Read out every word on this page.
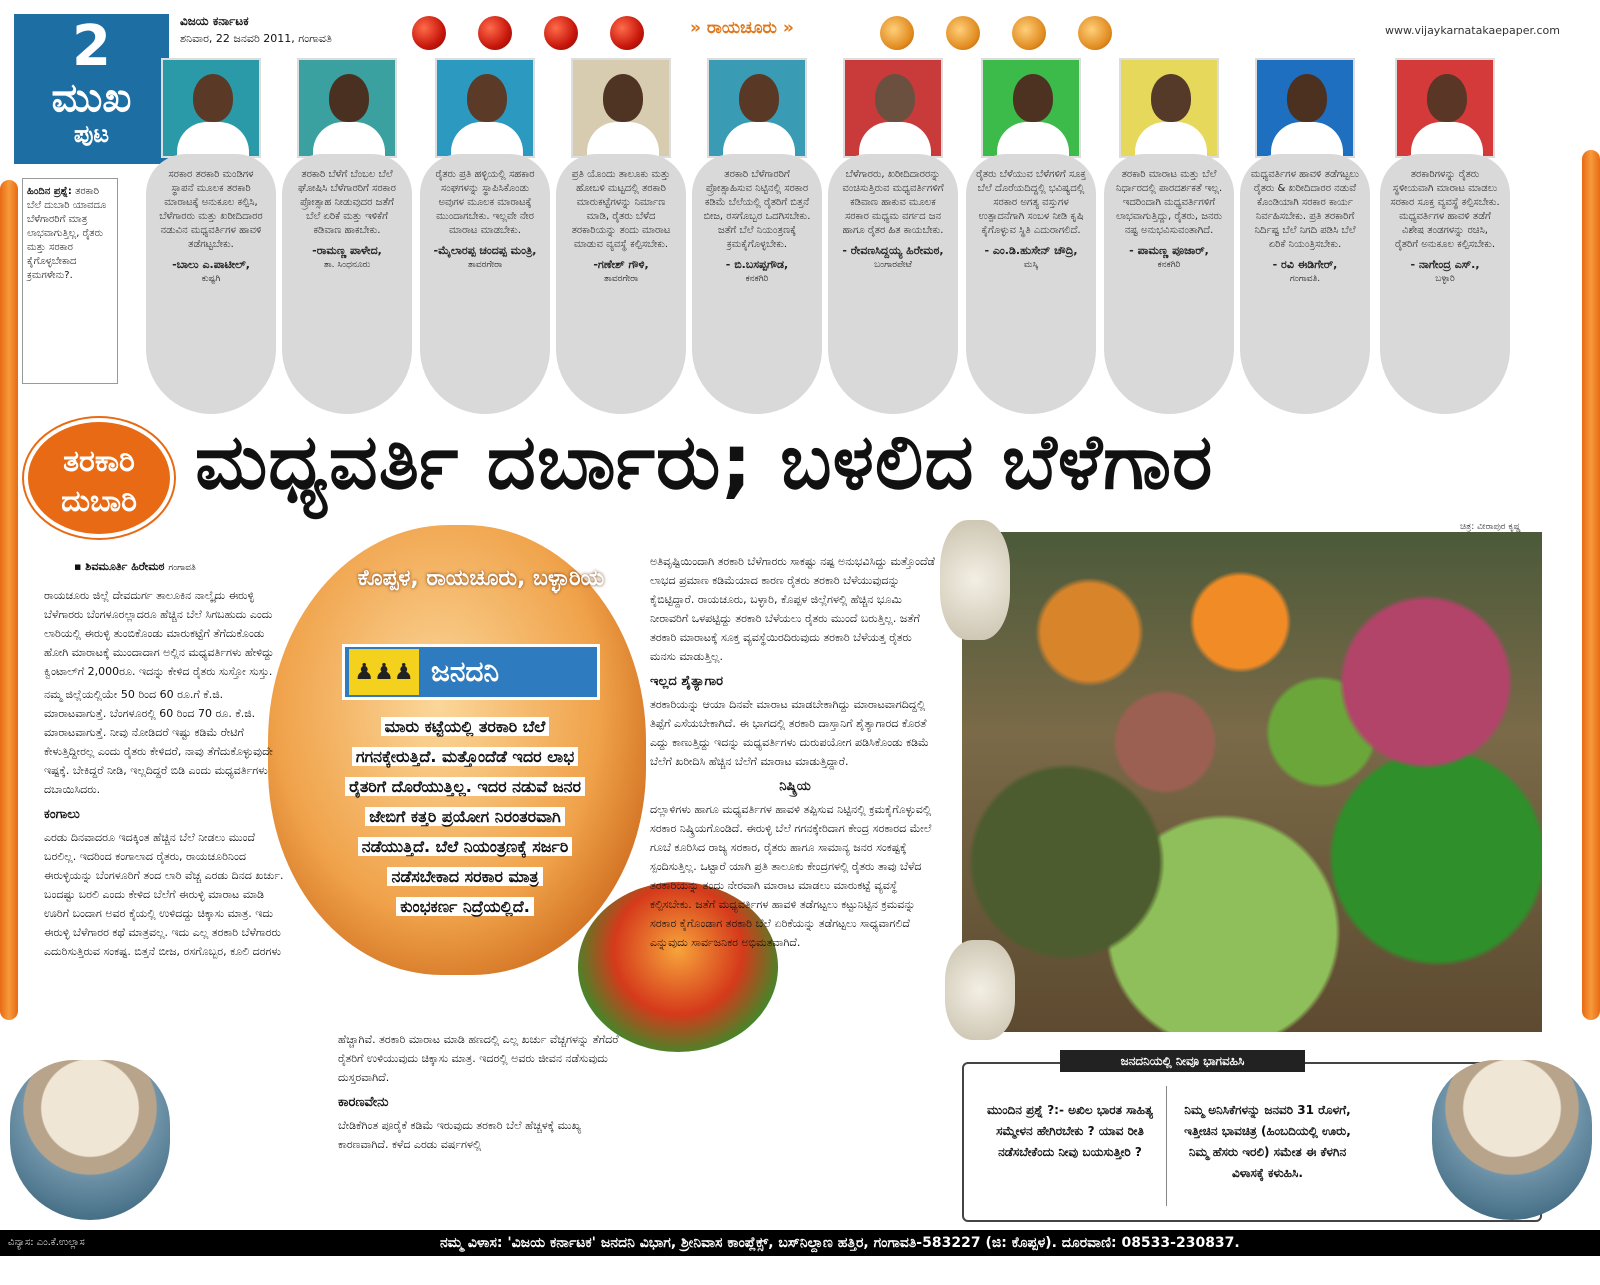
2
ಮುಖ
ಪುಟ
ವಿಜಯ ಕರ್ನಾಟಕ
ಶನಿವಾರ, 22 ಜನವರಿ 2011, ಗಂಗಾವತಿ
» ರಾಯಚೂರು »	www.vijaykarnatakaepaper.com
ಹಿಂದಿನ ಪ್ರಶ್ನೆ: ತರಕಾರಿ ಬೆಲೆ ದುಬಾರಿ ಯಾವದೂ ಬೆಳೆಗಾರರಿಗೆ ಮಾತ್ರ ಲಾಭವಾಗುತ್ತಿಲ್ಲ, ರೈತರು ಮತ್ತು ಸರಕಾರ ಕೈಗೊಳ್ಳಬೇಕಾದ ಕ್ರಮಗಳೇನು?.
ಸರಕಾರ ತರಕಾರಿ ಮಂಡಿಗಳ ಸ್ಥಾಪನೆ ಮೂಲಕ ತರಕಾರಿ ಮಾರಾಟಕ್ಕೆ ಅನುಕೂಲ ಕಲ್ಪಿಸಿ, ಬೆಳೆಗಾರರು ಮತ್ತು ಖರೀದಿದಾರರ ನಡುವಿನ ಮಧ್ಯವರ್ತಿಗಳ ಹಾವಳಿ ತಡೆಗಟ್ಟಬೇಕು.
-ಬಾಲು ಎ.ಪಾಟೀಲ್,
ಕುಷ್ಟಗಿ
ತರಕಾರಿ ಬೆಳೆಗೆ ಬೆಂಬಲ ಬೆಲೆ ಘೋಷಿಸಿ ಬೆಳೆಗಾರರಿಗೆ ಸರಕಾರ ಪ್ರೋತ್ಸಾಹ ನೀಡುವುದರ ಜತೆಗೆ ಬೆಲೆ ಏರಿಕೆ ಮತ್ತು ಇಳಿಕೆಗೆ ಕಡಿವಾಣ ಹಾಕಬೇಕು.
-ರಾಮಣ್ಣ ಪಾಳೇದ,
ತಾ. ಸಿಂಧನೂರು
ರೈತರು ಪ್ರತಿ ಹಳ್ಳಿಯಲ್ಲಿ ಸಹಕಾರ ಸಂಘಗಳನ್ನು ಸ್ಥಾಪಿಸಿಕೊಂಡು ಅವುಗಳ ಮೂಲಕ ಮಾರಾಟಕ್ಕೆ ಮುಂದಾಗಬೇಕು. ಇಲ್ಲವೇ ನೇರ ಮಾರಾಟ ಮಾಡಬೇಕು.
-ಮೈಲಾರಪ್ಪ ಚಂದಪ್ಪ ಮಂತ್ರಿ,
ತಾವರಗೇರಾ
ಪ್ರತಿ ಯೊಂದು ತಾಲೂಕು ಮತ್ತು ಹೋಬಳಿ ಮಟ್ಟದಲ್ಲಿ ತರಕಾರಿ ಮಾರುಕಟ್ಟೆಗಳನ್ನು ನಿರ್ಮಾಣ ಮಾಡಿ, ರೈತರು ಬೆಳೆದ ತರಕಾರಿಯನ್ನು ತಂದು ಮಾರಾಟ ಮಾಡುವ ವ್ಯವಸ್ಥೆ ಕಲ್ಪಿಸಬೇಕು.
-ಗಣೇಶ್ ಗೌಳಿ,
ತಾವರಗೇರಾ
ತರಕಾರಿ ಬೆಳೆಗಾರರಿಗೆ ಪ್ರೋತ್ಸಾಹಿಸುವ ನಿಟ್ಟಿನಲ್ಲಿ ಸರಕಾರ ಕಡಿಮೆ ಬೆಲೆಯಲ್ಲಿ ರೈತರಿಗೆ ಬಿತ್ತನೆ ಬೀಜ, ರಸಗೊಬ್ಬರ ಒದಗಿಸಬೇಕು. ಜತೆಗೆ ಬೆಲೆ ನಿಯಂತ್ರಣಕ್ಕೆ ಕ್ರಮಕೈಗೊಳ್ಳಬೇಕು.
- ಬಿ.ಬಸಪ್ಪಗೌಡ,
ಕನಕಗಿರಿ
ಬೆಳೆಗಾರರು, ಖರೀದಿದಾರರನ್ನು ವಂಚಿಸುತ್ತಿರುವ ಮಧ್ಯವರ್ತಿಗಳಿಗೆ ಕಡಿವಾಣ ಹಾಕುವ ಮೂಲಕ ಸರಕಾರ ಮಧ್ಯಮ ವರ್ಗದ ಜನ ಹಾಗೂ ರೈತರ ಹಿತ ಕಾಯಬೇಕು.
- ರೇವಣಸಿದ್ದಯ್ಯ ಹಿರೇಮಠ,
ಬಂಗಾರಪೇಟೆ
ರೈತರು ಬೆಳೆಯುವ ಬೆಳೆಗಳಿಗೆ ಸೂಕ್ತ ಬೆಲೆ ದೊರೆಯದಿದ್ದಲ್ಲಿ ಭವಿಷ್ಯದಲ್ಲಿ ಸರಕಾರ ಅಗತ್ಯ ವಸ್ತುಗಳ ಉತ್ಪಾದನೆಗಾಗಿ ಸಂಬಳ ನೀಡಿ ಕೃಷಿ ಕೈಗೊಳ್ಳುವ ಸ್ಥಿತಿ ಎದುರಾಗಲಿದೆ.
- ಎಂ.ಡಿ.ಹುಸೇನ್ ಚೌದ್ರಿ,
ಮಸ್ಕಿ
ತರಕಾರಿ ಮಾರಾಟ ಮತ್ತು ಬೆಲೆ ನಿರ್ಧಾರದಲ್ಲಿ ಪಾರದರ್ಶಕತೆ ಇಲ್ಲ. ಇದರಿಂದಾಗಿ ಮಧ್ಯವರ್ತಿಗಳಿಗೆ ಲಾಭವಾಗುತ್ತಿದ್ದು, ರೈತರು, ಜನರು ನಷ್ಟ ಅನುಭವಿಸುವಂತಾಗಿದೆ.
- ಪಾಮಣ್ಣ ಪೂಜಾರ್,
ಕನಕಗಿರಿ
ಮಧ್ಯವರ್ತಿಗಳ ಹಾವಳಿ ತಡೆಗಟ್ಟಲು ರೈತರು & ಖರೀದಿದಾರರ ನಡುವೆ ಕೊಂಡಿಯಾಗಿ ಸರಕಾರ ಕಾರ್ಯ ನಿರ್ವಹಿಸಬೇಕು. ಪ್ರತಿ ತರಕಾರಿಗೆ ನಿರ್ದಿಷ್ಟ ಬೆಲೆ ನಿಗದಿ ಪಡಿಸಿ ಬೆಲೆ ಏರಿಕೆ ನಿಯಂತ್ರಿಸಬೇಕು.
- ರವಿ ಈಡಿಗೇರ್,
ಗಂಗಾವತಿ.
ತರಕಾರಿಗಳನ್ನು ರೈತರು ಸ್ಥಳೀಯವಾಗಿ ಮಾರಾಟ ಮಾಡಲು ಸರಕಾರ ಸೂಕ್ತ ವ್ಯವಸ್ಥೆ ಕಲ್ಪಿಸಬೇಕು. ಮಧ್ಯವರ್ತಿಗಳ ಹಾವಳಿ ತಡೆಗೆ ವಿಶೇಷ ತಂಡಗಳನ್ನು ರಚಿಸಿ, ರೈತರಿಗೆ ಅನುಕೂಲ ಕಲ್ಪಿಸಬೇಕು.
- ನಾಗೇಂದ್ರ ಎಸ್.,
ಬಳ್ಳಾರಿ
ತರಕಾರಿ
ದುಬಾರಿ ಮಧ್ಯವರ್ತಿ ದರ್ಬಾರು; ಬಳಲಿದ ಬೆಳೆಗಾರ
ಚಿತ್ರ: ವೀರಾಪುರ ಕೃಷ್ಣ
ಕೊಪ್ಪಳ, ರಾಯಚೂರು, ಬಳ್ಳಾರಿಯ
♟♟♟ ಜನದನಿ
ಮಾರು ಕಟ್ಟೆಯಲ್ಲಿ ತರಕಾರಿ ಬೆಲೆ
ಗಗನಕ್ಕೇರುತ್ತಿದೆ. ಮತ್ತೊಂದೆಡೆ ಇದರ ಲಾಭ
ರೈತರಿಗೆ ದೊರೆಯುತ್ತಿಲ್ಲ. ಇದರ ನಡುವೆ ಜನರ
ಜೇಬಿಗೆ ಕತ್ತರಿ ಪ್ರಯೋಗ ನಿರಂತರವಾಗಿ
ನಡೆಯುತ್ತಿದೆ. ಬೆಲೆ ನಿಯಂತ್ರಣಕ್ಕೆ ಸರ್ಜರಿ
ನಡೆಸಬೇಕಾದ ಸರಕಾರ ಮಾತ್ರ
ಕುಂಭಕರ್ಣ ನಿದ್ರೆಯಲ್ಲಿದೆ.
▪ ಶಿವಮೂರ್ತಿ ಹಿರೇಮಠ ಗಂಗಾವತಿ

ರಾಯಚೂರು ಜಿಲ್ಲೆ ದೇವದುರ್ಗ ತಾಲೂಕಿನ ನಾಲ್ಕೈದು ಈರುಳ್ಳಿ ಬೆಳೆಗಾರರು ಬೆಂಗಳೂರಲ್ಲಾದರೂ ಹೆಚ್ಚಿನ ಬೆಲೆ ಸಿಗಬಹುದು ಎಂದು ಲಾರಿಯಲ್ಲಿ ಈರುಳ್ಳಿ ತುಂಬಿಕೊಂಡು ಮಾರುಕಟ್ಟೆಗೆ ತೆಗೆದುಕೊಂಡು ಹೋಗಿ ಮಾರಾಟಕ್ಕೆ ಮುಂದಾದಾಗ ಅಲ್ಲಿನ ಮಧ್ಯವರ್ತಿಗಳು ಹೇಳಿದ್ದು ಕ್ವಿಂಟಾಲ್‌ಗೆ 2,000ರೂ. ಇದನ್ನು ಕೇಳಿದ ರೈತರು ಸುಸ್ತೋ ಸುಸ್ತು.

ನಮ್ಮ ಜಿಲ್ಲೆಯಲ್ಲಿಯೇ 50 ರಿಂದ 60 ರೂ.ಗೆ ಕೆ.ಜಿ. ಮಾರಾಟವಾಗುತ್ತೆ. ಬೆಂಗಳೂರಲ್ಲಿ 60 ರಿಂದ 70 ರೂ. ಕೆ.ಜಿ. ಮಾರಾಟವಾಗುತ್ತೆ. ನೀವು ನೋಡಿದರೆ ಇಷ್ಟು ಕಡಿಮೆ ರೇಟಿಗೆ ಕೇಳುತ್ತಿದ್ದೀರಲ್ಲ ಎಂದು ರೈತರು ಕೇಳಿದರೆ, ನಾವು ತೆಗೆದುಕೊಳ್ಳುವುದೇ ಇಷ್ಟಕ್ಕೆ. ಬೇಕಿದ್ದರೆ ನೀಡಿ, ಇಲ್ಲದಿದ್ದರೆ ಬಿಡಿ ಎಂದು ಮಧ್ಯವರ್ತಿಗಳು ದಬಾಯಿಸಿದರು.

ಕಂಗಾಲು

ಎರಡು ದಿನವಾದರೂ ಇದಕ್ಕಿಂತ ಹೆಚ್ಚಿನ ಬೆಲೆ ನೀಡಲು ಮುಂದೆ ಬರಲಿಲ್ಲ. ಇದರಿಂದ ಕಂಗಾಲಾದ ರೈತರು, ರಾಯಚೂರಿನಿಂದ ಈರುಳ್ಳಿಯನ್ನು ಬೆಂಗಳೂರಿಗೆ ತಂದ ಲಾರಿ ವೆಚ್ಚ ಎರಡು ದಿನದ ಖರ್ಚು. ಬಂದಷ್ಟು ಬರಲಿ ಎಂದು ಕೇಳಿದ ಬೆಲೆಗೆ ಈರುಳ್ಳಿ ಮಾರಾಟ ಮಾಡಿ ಊರಿಗೆ ಬಂದಾಗ ಅವರ ಕೈಯಲ್ಲಿ ಉಳಿದದ್ದು ಚಿಕ್ಕಾಸು ಮಾತ್ರ. ಇದು ಈರುಳ್ಳಿ ಬೆಳೆಗಾರರ ಕಥೆ ಮಾತ್ರವಲ್ಲ. ಇದು ಎಲ್ಲ ತರಕಾರಿ ಬೆಳೆಗಾರರು ಎದುರಿಸುತ್ತಿರುವ ಸಂಕಷ್ಟ. ಬಿತ್ತನೆ ಬೀಜ, ರಸಗೊಬ್ಬರ, ಕೂಲಿ ದರಗಳು

ಹೆಚ್ಚಾಗಿವೆ. ತರಕಾರಿ ಮಾರಾಟ ಮಾಡಿ ಹಣದಲ್ಲಿ ಎಲ್ಲ ಖರ್ಚು ವೆಚ್ಚಗಳನ್ನು ತೆಗೆದರೆ ರೈತರಿಗೆ ಉಳಿಯುವುದು ಚಿಕ್ಕಾಸು ಮಾತ್ರ. ಇದರಲ್ಲಿ ಅವರು ಜೀವನ ನಡೆಸುವುದು ದುಸ್ತರವಾಗಿದೆ.

ಕಾರಣವೇನು

ಬೇಡಿಕೆಗಿಂತ ಪೂರೈಕೆ ಕಡಿಮೆ ಇರುವುದು ತರಕಾರಿ ಬೆಲೆ ಹೆಚ್ಚಳಕ್ಕೆ ಮುಖ್ಯ ಕಾರಣವಾಗಿದೆ. ಕಳೆದ ಎರಡು ವರ್ಷಗಳಲ್ಲಿ

ಅತಿವೃಷ್ಟಿಯಿಂದಾಗಿ ತರಕಾರಿ ಬೆಳೆಗಾರರು ಸಾಕಷ್ಟು ನಷ್ಟ ಅನುಭವಿಸಿದ್ದು ಮತ್ತೊಂದೆಡೆ ಲಾಭದ ಪ್ರಮಾಣ ಕಡಿಮೆಯಾದ ಕಾರಣ ರೈತರು ತರಕಾರಿ ಬೆಳೆಯುವುದನ್ನು ಕೈಬಿಟ್ಟಿದ್ದಾರೆ. ರಾಯಚೂರು, ಬಳ್ಳಾರಿ, ಕೊಪ್ಪಳ ಜಿಲ್ಲೆಗಳಲ್ಲಿ ಹೆಚ್ಚಿನ ಭೂಮಿ ನೀರಾವರಿಗೆ ಒಳಪಟ್ಟಿದ್ದು ತರಕಾರಿ ಬೆಳೆಯಲು ರೈತರು ಮುಂದೆ ಬರುತ್ತಿಲ್ಲ. ಜತೆಗೆ ತರಕಾರಿ ಮಾರಾಟಕ್ಕೆ ಸೂಕ್ತ ವ್ಯವಸ್ಥೆಯಿರದಿರುವುದು ತರಕಾರಿ ಬೆಳೆಯತ್ತ ರೈತರು ಮನಸು ಮಾಡುತ್ತಿಲ್ಲ.

ಇಲ್ಲದ ಶೈತ್ಯಾಗಾರ

ತರಕಾರಿಯನ್ನು ಆಯಾ ದಿನವೇ ಮಾರಾಟ ಮಾಡಬೇಕಾಗಿದ್ದು ಮಾರಾಟವಾಗದಿದ್ದಲ್ಲಿ ತಿಪ್ಪೆಗೆ ಎಸೆಯಬೇಕಾಗಿದೆ. ಈ ಭಾಗದಲ್ಲಿ ತರಕಾರಿ ದಾಸ್ತಾನಿಗೆ ಶೈತ್ಯಾಗಾರದ ಕೊರತೆ ಎದ್ದು ಕಾಣುತ್ತಿದ್ದು ಇದನ್ನು ಮಧ್ಯವರ್ತಿಗಳು ದುರುಪಯೋಗ ಪಡಿಸಿಕೊಂಡು ಕಡಿಮೆ ಬೆಲೆಗೆ ಖರೀದಿಸಿ ಹೆಚ್ಚಿನ ಬೆಲೆಗೆ ಮಾರಾಟ ಮಾಡುತ್ತಿದ್ದಾರೆ.

ನಿಷ್ಕ್ರಿಯ

ದಲ್ಲಾಳಿಗಳು ಹಾಗೂ ಮಧ್ಯವರ್ತಿಗಳ ಹಾವಳಿ ತಪ್ಪಿಸುವ ನಿಟ್ಟಿನಲ್ಲಿ ಕ್ರಮಕೈಗೊಳ್ಳುವಲ್ಲಿ ಸರಕಾರ ನಿಷ್ಕ್ರಿಯಗೊಂಡಿದೆ. ಈರುಳ್ಳಿ ಬೆಲೆ ಗಗನಕ್ಕೇರಿದಾಗ ಕೇಂದ್ರ ಸರಕಾರದ ಮೇಲೆ ಗೂಬೆ ಕೂರಿಸಿದ ರಾಜ್ಯ ಸರಕಾರ, ರೈತರು ಹಾಗೂ ಸಾಮಾನ್ಯ ಜನರ ಸಂಕಷ್ಟಕ್ಕೆ ಸ್ಪಂದಿಸುತ್ತಿಲ್ಲ. ಒಟ್ಟಾರೆ ಯಾಗಿ ಪ್ರತಿ ತಾಲೂಕು ಕೇಂದ್ರಗಳಲ್ಲಿ ರೈತರು ತಾವು ಬೆಳೆದ ತರಕಾರಿಯನ್ನು ತಂದು ನೇರವಾಗಿ ಮಾರಾಟ ಮಾಡಲು ಮಾರುಕಟ್ಟೆ ವ್ಯವಸ್ಥೆ ಕಲ್ಪಿಸಬೇಕು. ಜತೆಗೆ ಮಧ್ಯವರ್ತಿಗಳ ಹಾವಳಿ ತಡೆಗಟ್ಟಲು ಕಟ್ಟುನಿಟ್ಟಿನ ಕ್ರಮವನ್ನು ಸರಕಾರ ಕೈಗೊಂಡಾಗ ತರಕಾರಿ ಬೆಲೆ ಏರಿಕೆಯನ್ನು ತಡೆಗಟ್ಟಲು ಸಾಧ್ಯವಾಗಲಿದೆ ಎನ್ನುವುದು ಸಾರ್ವಜನಿಕರ ಅಭಿಮತವಾಗಿದೆ.

ಜನದನಿಯಲ್ಲಿ ನೀವೂ ಭಾಗವಹಿಸಿ
ಮುಂದಿನ ಪ್ರಶ್ನೆ ?:- ಅಖಿಲ ಭಾರತ ಸಾಹಿತ್ಯ ಸಮ್ಮೇಳನ ಹೇಗಿರಬೇಕು ? ಯಾವ ರೀತಿ ನಡೆಸಬೇಕೆಂದು ನೀವು ಬಯಸುತ್ತೀರಿ ?
ನಿಮ್ಮ ಅನಿಸಿಕೆಗಳನ್ನು ಜನವರಿ 31 ರೊಳಗೆ, ಇತ್ತೀಚಿನ ಭಾವಚಿತ್ರ (ಹಿಂಬದಿಯಲ್ಲಿ ಊರು, ನಿಮ್ಮ ಹೆಸರು ಇರಲಿ) ಸಮೇತ ಈ ಕೆಳಗಿನ ವಿಳಾಸಕ್ಕೆ ಕಳುಹಿಸಿ.
ವಿನ್ಯಾಸ: ಎಂ.ಕೆ.ಉಲ್ಲಾಸ	ನಮ್ಮ ವಿಳಾಸ: 'ವಿಜಯ ಕರ್ನಾಟಕ' ಜನದನಿ ವಿಭಾಗ, ಶ್ರೀನಿವಾಸ ಕಾಂಪ್ಲೆಕ್ಸ್, ಬಸ್‌ನಿಲ್ದಾಣ ಹತ್ತಿರ, ಗಂಗಾವತಿ-583227 (ಜಿ: ಕೊಪ್ಪಳ). ದೂರವಾಣಿ: 08533-230837.
